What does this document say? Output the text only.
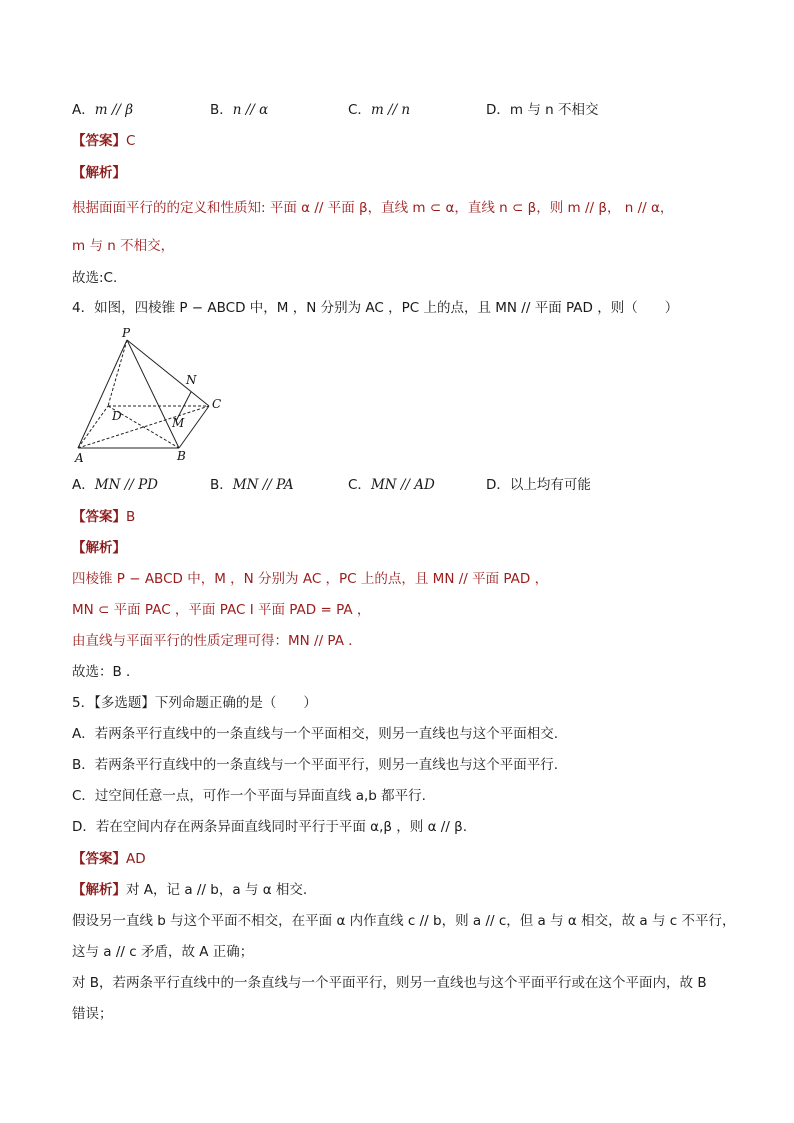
A．m // β	B．n // α	C．m // n	D．m 与 n 不相交
【答案】C
【解析】
根据面面平行的的定义和性质知: 平面 α // 平面 β，直线 m ⊂ α，直线 n ⊂ β，则 m // β， n // α，
m 与 n 不相交，
故选:C.
4．如图，四棱锥 P − ABCD 中，M ，N 分别为 AC ，PC 上的点，且 MN // 平面 PAD ，则（　　）
P
N
C
D	M
A	B
A．MN // PD	B．MN // PA	C．MN // AD	D．以上均有可能
【答案】B
【解析】
四棱锥 P − ABCD 中，M ，N 分别为 AC ，PC 上的点，且 MN // 平面 PAD ，
MN ⊂ 平面 PAC ，平面 PAC I 平面 PAD = PA ，
由直线与平面平行的性质定理可得：MN // PA ．
故选：B ．
5．【多选题】下列命题正确的是（　　）
A．若两条平行直线中的一条直线与一个平面相交，则另一直线也与这个平面相交.
B．若两条平行直线中的一条直线与一个平面平行，则另一直线也与这个平面平行.
C．过空间任意一点，可作一个平面与异面直线 a,b 都平行.
D．若在空间内存在两条异面直线同时平行于平面 α,β ，则 α // β.
【答案】AD
【解析】对 A，记 a // b，a 与 α 相交.
假设另一直线 b 与这个平面不相交，在平面 α 内作直线 c // b，则 a // c，但 a 与 α 相交，故 a 与 c 不平行，
这与 a // c 矛盾，故 A 正确；
对 B，若两条平行直线中的一条直线与一个平面平行，则另一直线也与这个平面平行或在这个平面内，故 B
错误；
